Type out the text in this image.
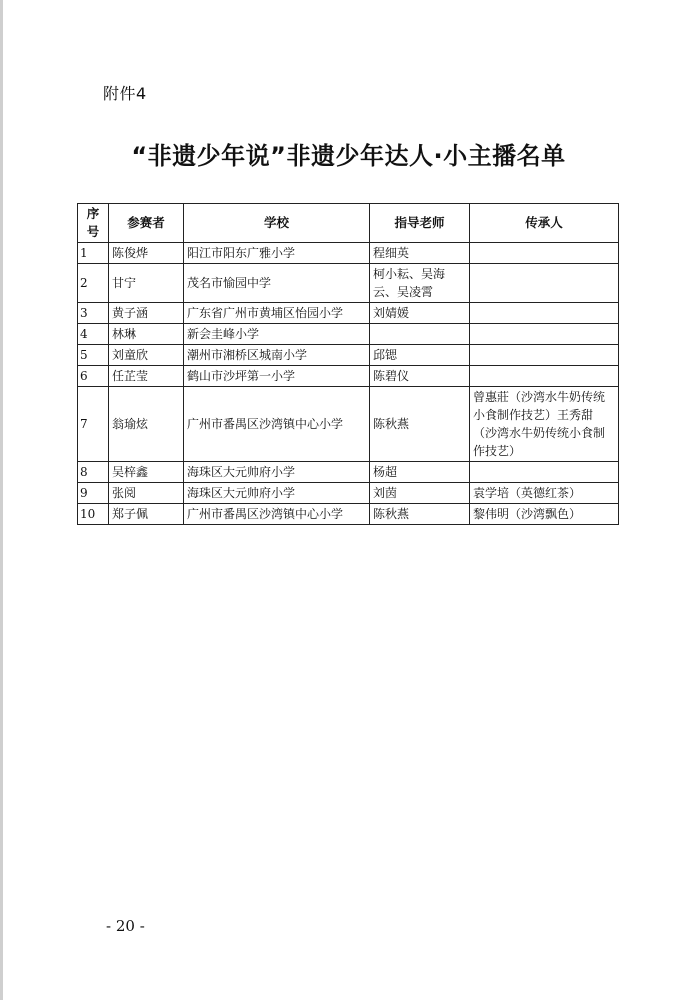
附件4
“非遗少年说”非遗少年达人·小主播名单
序号	参赛者	学校	指导老师	传承人
1	陈俊烨	阳江市阳东广雅小学	程细英	
2	甘宁	茂名市愉园中学	柯小耘、吴海云、吴凌霄	
3	黄子涵	广东省广州市黄埔区怡园小学	刘婧媛	
4	林琳	新会圭峰小学		
5	刘童欣	潮州市湘桥区城南小学	邱锶	
6	任芷莹	鹤山市沙坪第一小学	陈碧仪	
7	翁瑜炫	广州市番禺区沙湾镇中心小学	陈秋燕	曾惠莊（沙湾水牛奶传统小食制作技艺）王秀甜（沙湾水牛奶传统小食制作技艺）
8	吴梓鑫	海珠区大元帅府小学	杨超	
9	张阅	海珠区大元帅府小学	刘茵	袁学培（英德红茶）
10	郑子佩	广州市番禺区沙湾镇中心小学	陈秋燕	黎伟明（沙湾飘色）
- 20 -
